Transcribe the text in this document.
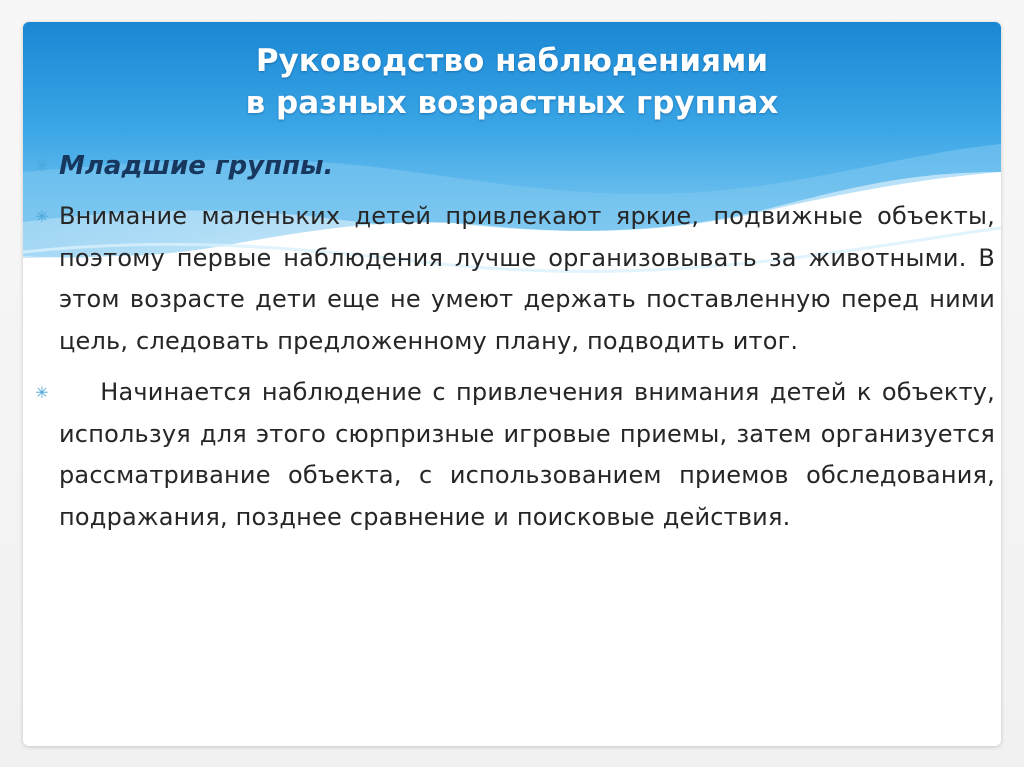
Руководство наблюдениями
в разных возрастных группах
✳ Младшие группы.
✳ Внимание маленьких детей привлекают яркие, подвижные объекты, поэтому первые наблюдения лучше организовывать за животными. В этом возрасте дети еще не умеют держать поставленную перед ними цель, следовать предложенному плану, подводить итог.
✳ Начинается наблюдение с привлечения внимания детей к объекту, используя для этого сюрпризные игровые приемы, затем организуется рассматривание объекта, с использованием приемов обследования, подражания, позднее сравнение и поисковые действия.
